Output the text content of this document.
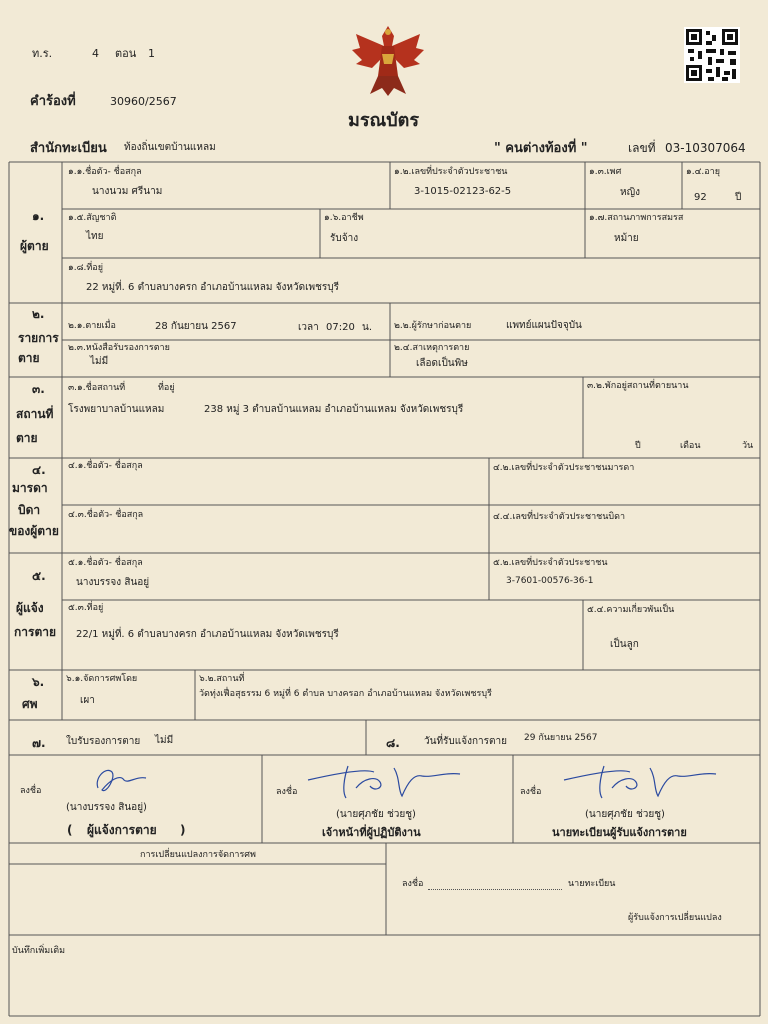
ท.ร.	4 ตอน 1
คำร้องที่	30960/2567
มรณบัตร
สำนักทะเบียน ท้องถิ่นเขตบ้านแหลม	" คนต่างท้องที่ "	เลขที่ 03-10307064
๑.
ผู้ตาย
๑.๑.ชื่อตัว- ชื่อสกุล
นางนวม ศรีนาม
๑.๒.เลขที่ประจำตัวประชาชน
3-1015-02123-62-5
๑.๓.เพศ
หญิง
๑.๔.อายุ
92	ปี
๑.๕.สัญชาติ
ไทย
๑.๖.อาชีพ
รับจ้าง
๑.๗.สถานภาพการสมรส
หม้าย
๑.๘.ที่อยู่
22 หมู่ที่. 6 ตำบลบางครก อำเภอบ้านแหลม จังหวัดเพชรบุรี
๒.
รายการ
ตาย
๒.๑.ตายเมื่อ	28 กันยายน 2567	เวลา 07:20 น. ๒.๒.ผู้รักษาก่อนตาย	แพทย์แผนปัจจุบัน
๒.๓.หนังสือรับรองการตาย
ไม่มี
๒.๔.สาเหตุการตาย
เลือดเป็นพิษ
๓.
สถานที่
ตาย
๓.๑.ชื่อสถานที่	ที่อยู่
โรงพยาบาลบ้านแหลม	238 หมู่ 3 ตำบลบ้านแหลม อำเภอบ้านแหลม จังหวัดเพชรบุรี
๓.๒.พักอยู่สถานที่ตายนาน
ปี	เดือน	วัน
๔.
มารดา
บิดา
ของผู้ตาย
๔.๑.ชื่อตัว- ชื่อสกุล	๔.๒.เลขที่ประจำตัวประชาชนมารดา
๔.๓.ชื่อตัว- ชื่อสกุล	๔.๔.เลขที่ประจำตัวประชาชนบิดา
๕.
ผู้แจ้ง
การตาย
๕.๑.ชื่อตัว- ชื่อสกุล
นางบรรจง สินอยู่
๕.๒.เลขที่ประจำตัวประชาชน
3-7601-00576-36-1
๕.๓.ที่อยู่
22/1 หมู่ที่. 6 ตำบลบางครก อำเภอบ้านแหลม จังหวัดเพชรบุรี
๕.๔.ความเกี่ยวพันเป็น
เป็นลูก
๖.
ศพ
๖.๑.จัดการศพโดย
เผา
๖.๒.สถานที่
วัดทุ่งเฟื่อสุธรรม 6 หมู่ที่ 6 ตำบล บางครอก อำเภอบ้านแหลม จังหวัดเพชรบุรี
๗. ใบรับรองการตาย ไม่มี	๘. วันที่รับแจ้งการตาย 29 กันยายน 2567
ลงชื่อ
(นางบรรจง สินอยู่)
( ผู้แจ้งการตาย )
ลงชื่อ
(นายศุภชัย ช่วยชู)
เจ้าหน้าที่ผู้ปฏิบัติงาน
ลงชื่อ
(นายศุภชัย ช่วยชู)
นายทะเบียนผู้รับแจ้งการตาย
การเปลี่ยนแปลงการจัดการศพ
ลงชื่อ	นายทะเบียน
ผู้รับแจ้งการเปลี่ยนแปลง
บันทึกเพิ่มเติม
